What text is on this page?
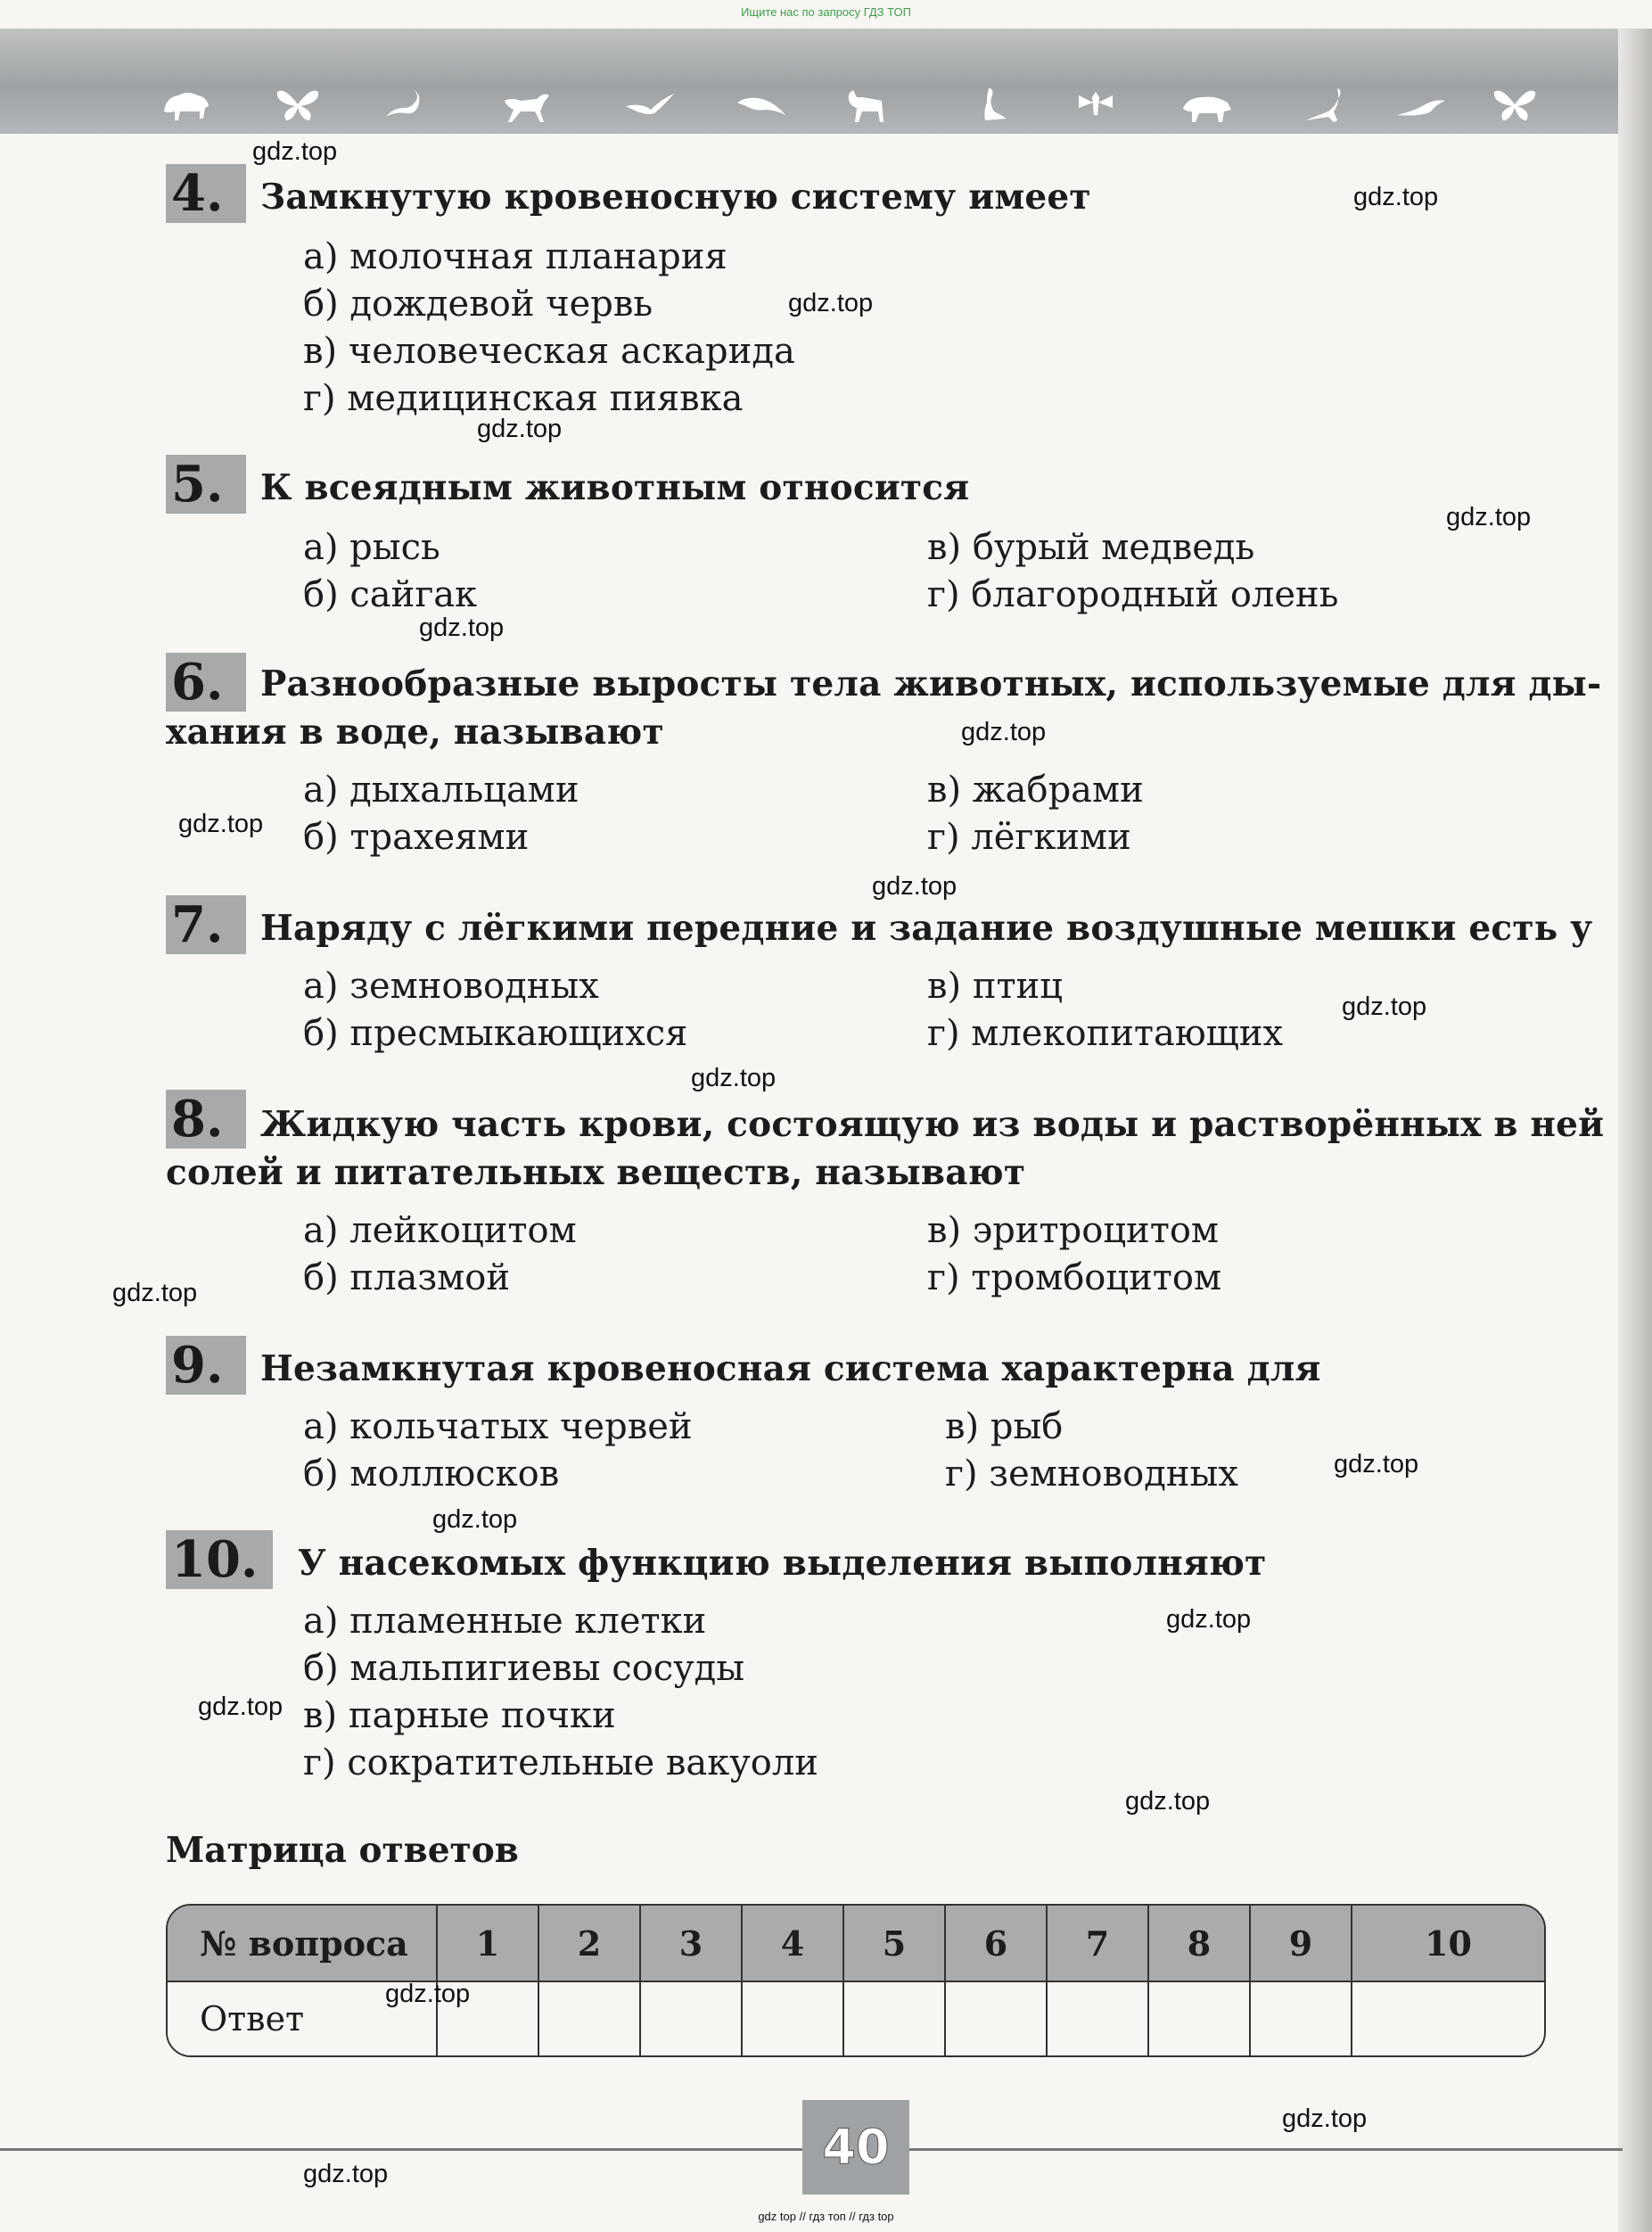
Ищите нас по запросу ГДЗ ТОП
4.	Замкнутую кровеносную систему имеет
а) молочная планария
б) дождевой червь
в) человеческая аскарида
г) медицинская пиявка
5.	К всеядным животным относится
а) рысь
б) сайгак
в) бурый медведь
г) благородный олень
6.	Разнообразные выросты тела животных, используемые для ды-
хания в воде, называют
а) дыхальцами
б) трахеями
в) жабрами
г) лёгкими
7.	Наряду с лёгкими передние и задание воздушные мешки есть у
а) земноводных
б) пресмыкающихся
в) птиц
г) млекопитающих
8.	Жидкую часть крови, состоящую из воды и растворённых в ней
солей и питательных веществ, называют
а) лейкоцитом
б) плазмой
в) эритроцитом
г) тромбоцитом
9.	Незамкнутая кровеносная система характерна для
а) кольчатых червей
б) моллюсков
в) рыб
г) земноводных
10.	У насекомых функцию выделения выполняют
а) пламенные клетки
б) мальпигиевы сосуды
в) парные почки
г) сократительные вакуоли
Матрица ответов
№ вопроса	1	2	3	4	5	6	7	8	9	10
Ответ										
gdz.top
gdz.top
gdz.top
gdz.top
gdz.top
gdz.top
gdz.top
gdz.top
gdz.top
gdz.top
gdz.top
gdz.top
gdz.top
gdz.top
gdz.top
gdz.top
gdz.top
gdz.top
gdz.top
gdz.top	40
gdz top // гдз топ // гдз top
